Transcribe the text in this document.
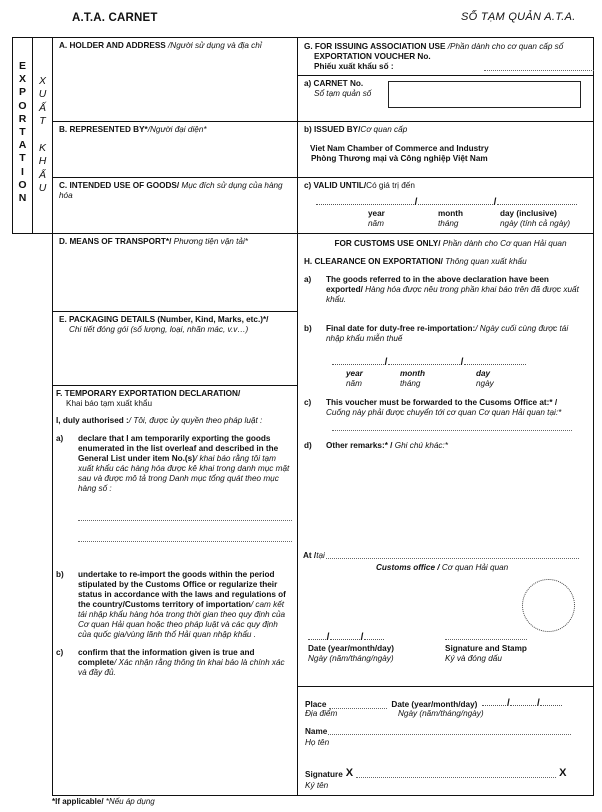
A.T.A. CARNET	SỐ TẠM QUẢN A.T.A.
E
X
P
O
R
T
A
T
I
O
N
X
U
Ấ
T

K
H
Ẩ
U
A. HOLDER AND ADDRESS /Người sử dụng và địa chỉ
B. REPRESENTED BY*/Người đại diện*
C. INTENDED USE OF GOODS/ Mục đích sử dụng của hàng hóa
D. MEANS OF TRANSPORT*/ Phương tiện vận tải*
E. PACKAGING DETAILS (Number, Kind, Marks, etc.)*/
Chi tiết đóng gói (số lượng, loại, nhãn mác, v.v…)
F. TEMPORARY EXPORTATION DECLARATION/
Khai báo tạm xuất khẩu
I, duly authorised :/ Tôi, được ủy quyền theo pháp luật :
a)	declare that I am temporarily exporting the goods enumerated in the list overleaf and described in the General List under item No.(s)/ khai báo rằng tôi tạm xuất khẩu các hàng hóa được kê khai trong danh mục mặt sau và được mô tả trong Danh mục tổng quát theo mục hàng số :
b)	undertake to re-import the goods within the period stipulated by the Customs Office or regularize their status in accordance with the laws and regulations of the country/Customs territory of importation/ cam kết tái nhập khẩu hàng hóa trong thời gian theo quy định của Cơ quan Hải quan hoặc theo pháp luật và các quy định của quốc gia/vùng lãnh thổ Hải quan nhập khẩu .
c)	confirm that the information given is true and complete/ Xác nhận rằng thông tin khai báo là chính xác và đầy đủ.
G. FOR ISSUING ASSOCIATION USE /Phần dành cho cơ quan cấp sổ
EXPORTATION VOUCHER No.
Phiếu xuất khẩu số :
a) CARNET No.
Sổ tạm quản số
b) ISSUED BY/Cơ quan cấp
Viet Nam Chamber of Commerce and Industry
Phòng Thương mại và Công nghiệp Việt Nam
c) VALID UNTIL/Có giá trị đến
/	/
year
năm
month
tháng
day (inclusive)
ngày (tính cả ngày)
FOR CUSTOMS USE ONLY/ Phần dành cho Cơ quan Hải quan
H. CLEARANCE ON EXPORTATION/ Thông quan xuất khẩu
a)	The goods referred to in the above declaration have been exported/ Hàng hóa được nêu trong phần khai báo trên đã được xuất khẩu.
b)	Final date for duty-free re-importation:/ Ngày cuối cùng được tái nhập khẩu miễn thuế
/	/
year
năm
month
tháng
day
ngày
c)	This voucher must be forwarded to the Cusoms Office at:* /
Cuống này phải được chuyển tới cơ quan Cơ quan Hải quan tại:*
d)	Other remarks:* / Ghi chú khác:*
At / tại
Customs office / Cơ quan Hải quan
/	/
Date (year/month/day)
Ngày (năm/tháng/ngày)
Signature and Stamp
Ký và đóng dấu
Place	Date (year/month/day)	/	/
Địa điểm	Ngày (năm/tháng/ngày)
Name
Họ tên
Signature X	X
Ký tên
*If applicable/ *Nếu áp dụng
